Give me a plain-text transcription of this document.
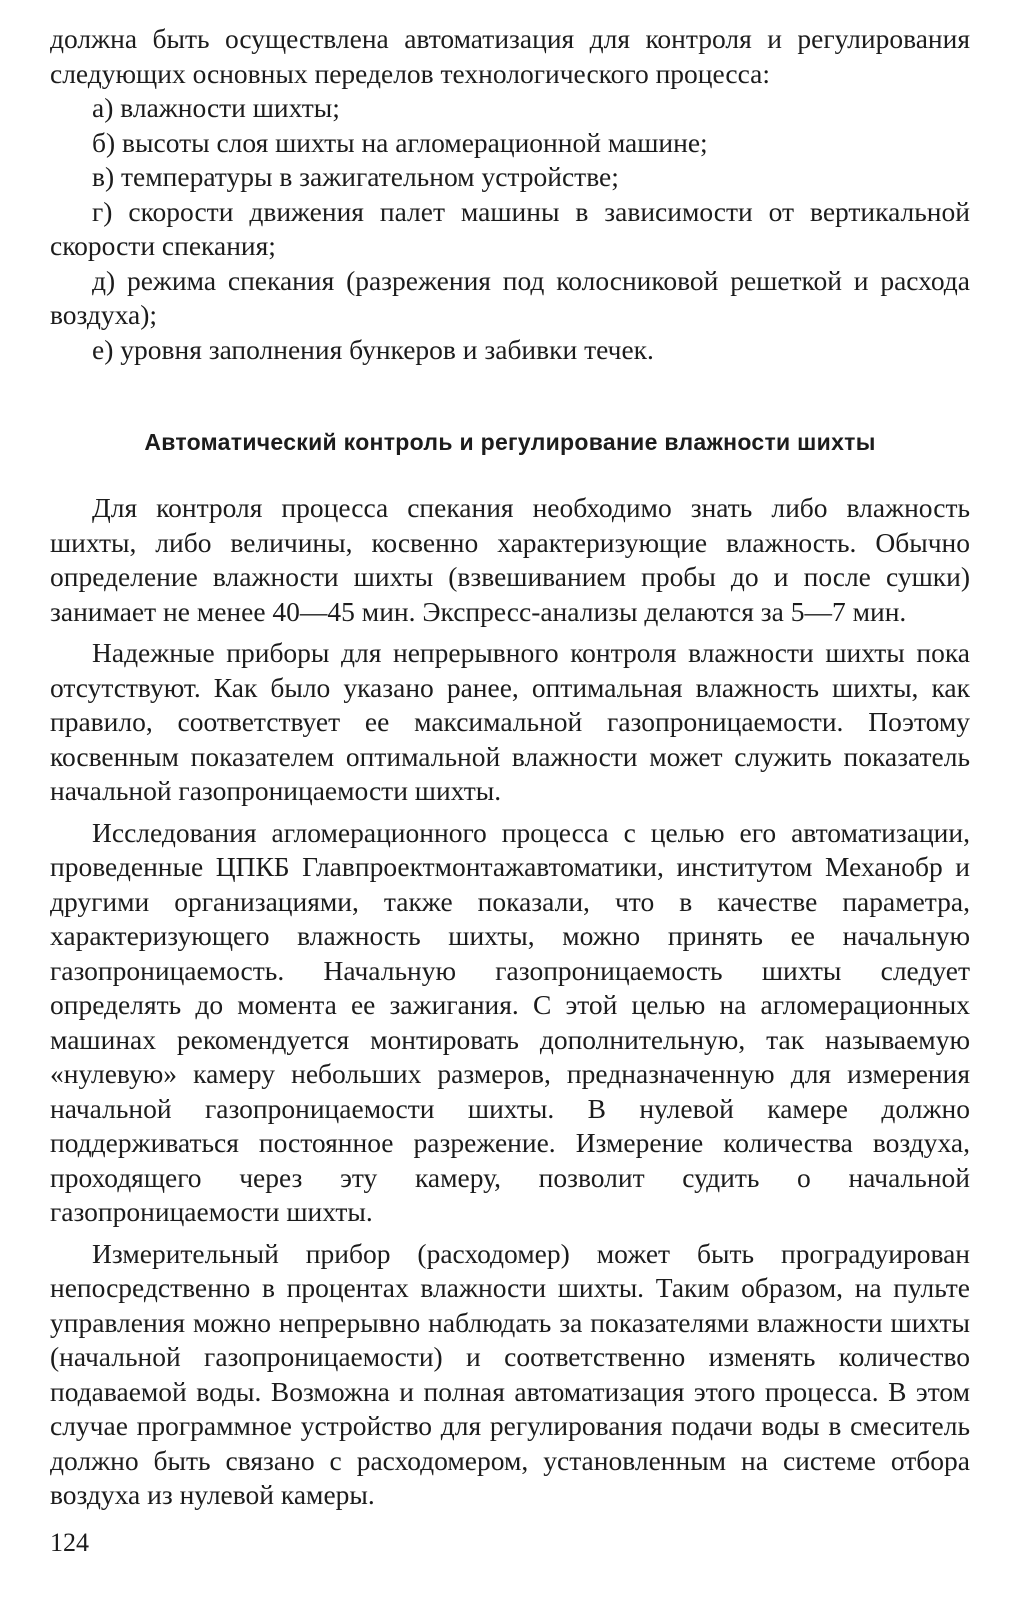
должна быть осуществлена автоматизация для контроля и регулирования следующих основных переделов технологического процесса:

а) влажности шихты;
б) высоты слоя шихты на агломерационной машине;
в) температуры в зажигательном устройстве;
г) скорости движения палет машины в зависимости от вертикальной скорости спекания;
д) режима спекания (разрежения под колосниковой решеткой и расхода воздуха);
е) уровня заполнения бункеров и забивки течек.
Автоматический контроль и регулирование влажности шихты

Для контроля процесса спекания необходимо знать либо влажность шихты, либо величины, косвенно характеризующие влажность. Обычно определение влажности шихты (взвешиванием пробы до и после сушки) занимает не менее 40—45 мин. Экспресс-анализы делаются за 5—7 мин.

Надежные приборы для непрерывного контроля влажности шихты пока отсутствуют. Как было указано ранее, оптимальная влажность шихты, как правило, соответствует ее максимальной газопроницаемости. Поэтому косвенным показателем оптимальной влажности может служить показатель начальной газопроницаемости шихты.

Исследования агломерационного процесса с целью его автоматизации, проведенные ЦПКБ Главпроектмонтажавтоматики, институтом Механобр и другими организациями, также показали, что в качестве параметра, характеризующего влажность шихты, можно принять ее начальную газопроницаемость. Начальную газопроницаемость шихты следует определять до момента ее зажигания. С этой целью на агломерационных машинах рекомендуется монтировать дополнительную, так называемую «нулевую» камеру небольших размеров, предназначенную для измерения начальной газопроницаемости шихты. В нулевой камере должно поддерживаться постоянное разрежение. Измерение количества воздуха, проходящего через эту камеру, позволит судить о начальной газопроницаемости шихты.

Измерительный прибор (расходомер) может быть проградуирован непосредственно в процентах влажности шихты. Таким образом, на пульте управления можно непрерывно наблюдать за показателями влажности шихты (начальной газопроницаемости) и соответственно изменять количество подаваемой воды. Возможна и полная автоматизация этого процесса. В этом случае программное устройство для регулирования подачи воды в смеситель должно быть связано с расходомером, установленным на системе отбора воздуха из нулевой камеры.

124
